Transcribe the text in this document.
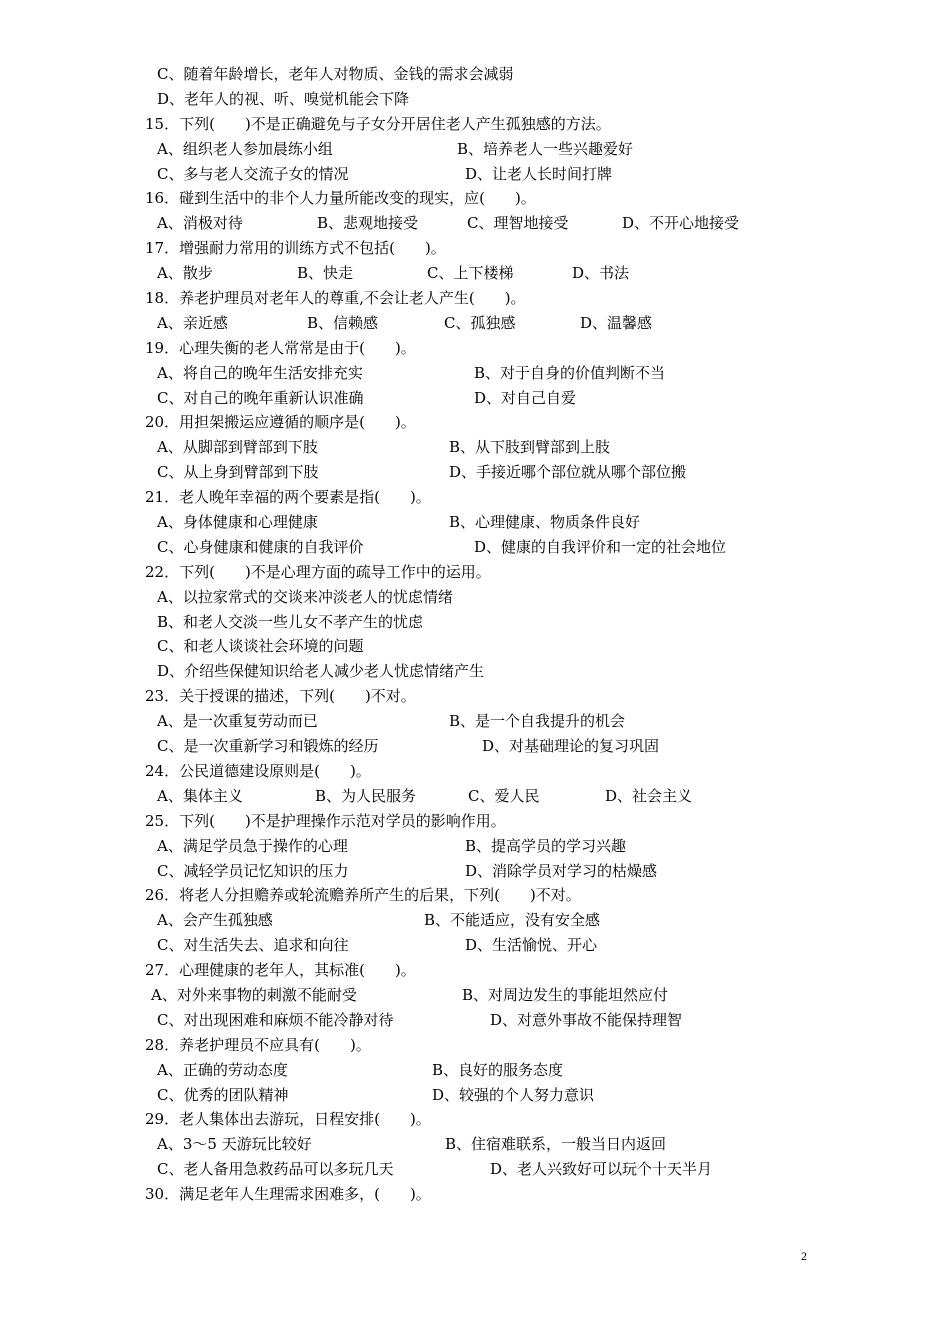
C、随着年龄增长，老年人对物质、金钱的需求会减弱
D、老年人的视、听、嗅觉机能会下降
15．下列(　　)不是正确避免与子女分开居住老人产生孤独感的方法。
A、组织老人参加晨练小组	B、培养老人一些兴趣爱好
C、多与老人交流子女的情况	D、让老人长时间打牌
16．碰到生活中的非个人力量所能改变的现实，应(　　)。
A、消极对待	B、悲观地接受	C、理智地接受	D、不开心地接受
17．增强耐力常用的训练方式不包括(　　)。
A、散步	B、快走	C、上下楼梯	D、书法
18．养老护理员对老年人的尊重,不会让老人产生(　　)。
A、亲近感	B、信赖感	C、孤独感	D、温馨感
19．心理失衡的老人常常是由于(　　)。
A、将自己的晚年生活安排充实	B、对于自身的价值判断不当
C、对自己的晚年重新认识准确	D、对自己自爱
20．用担架搬运应遵循的顺序是(　　)。
A、从脚部到臂部到下肢	B、从下肢到臂部到上肢
C、从上身到臂部到下肢	D、手接近哪个部位就从哪个部位搬
21．老人晚年幸福的两个要素是指(　　)。
A、身体健康和心理健康	B、心理健康、物质条件良好
C、心身健康和健康的自我评价	D、健康的自我评价和一定的社会地位
22．下列(　　)不是心理方面的疏导工作中的运用。
A、以拉家常式的交谈来冲淡老人的忧虑情绪
B、和老人交淡一些儿女不孝产生的忧虑
C、和老人谈谈社会环境的问题
D、介绍些保健知识给老人减少老人忧虑情绪产生
23．关于授课的描述，下列(　　)不对。
A、是一次重复劳动而已	B、是一个自我提升的机会
C、是一次重新学习和锻炼的经历	D、对基础理论的复习巩固
24．公民道德建设原则是(　　)。
A、集体主义	B、为人民服务	C、爱人民	D、社会主义
25．下列(　　)不是护理操作示范对学员的影响作用。
A、满足学员急于操作的心理	B、提高学员的学习兴趣
C、减轻学员记忆知识的压力	D、消除学员对学习的枯燥感
26．将老人分担赡养或轮流赡养所产生的后果，下列(　　)不对。
A、会产生孤独感	B、不能适应，没有安全感
C、对生活失去、追求和向往	D、生活愉悦、开心
27．心理健康的老年人，其标准(　　)。
A、对外来事物的刺激不能耐受	B、对周边发生的事能坦然应付
C、对出现困难和麻烦不能冷静对待	D、对意外事故不能保持理智
28．养老护理员不应具有(　　)。
A、正确的劳动态度	B、良好的服务态度
C、优秀的团队精神	D、较强的个人努力意识
29．老人集体出去游玩，日程安排(　　)。
A、3～5 天游玩比较好	B、住宿难联系，一般当日内返回
C、老人备用急救药品可以多玩几天	D、老人兴致好可以玩个十天半月
30．满足老年人生理需求困难多，(　　)。
2
